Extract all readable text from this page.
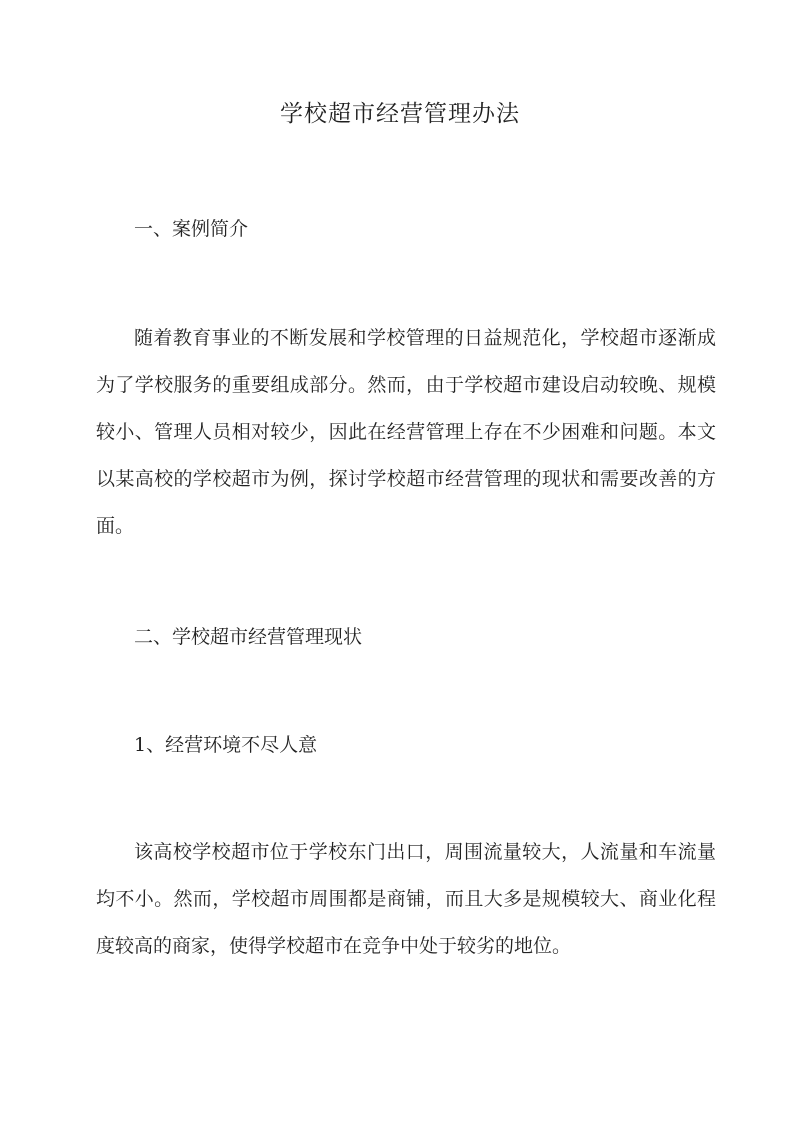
学校超市经营管理办法
一、案例简介

随着教育事业的不断发展和学校管理的日益规范化，学校超市逐渐成为了学校服务的重要组成部分。然而，由于学校超市建设启动较晚、规模较小、管理人员相对较少，因此在经营管理上存在不少困难和问题。本文以某高校的学校超市为例，探讨学校超市经营管理的现状和需要改善的方面。

二、学校超市经营管理现状
1、经营环境不尽人意

该高校学校超市位于学校东门出口，周围流量较大，人流量和车流量均不小。然而，学校超市周围都是商铺，而且大多是规模较大、商业化程度较高的商家，使得学校超市在竞争中处于较劣的地位。
